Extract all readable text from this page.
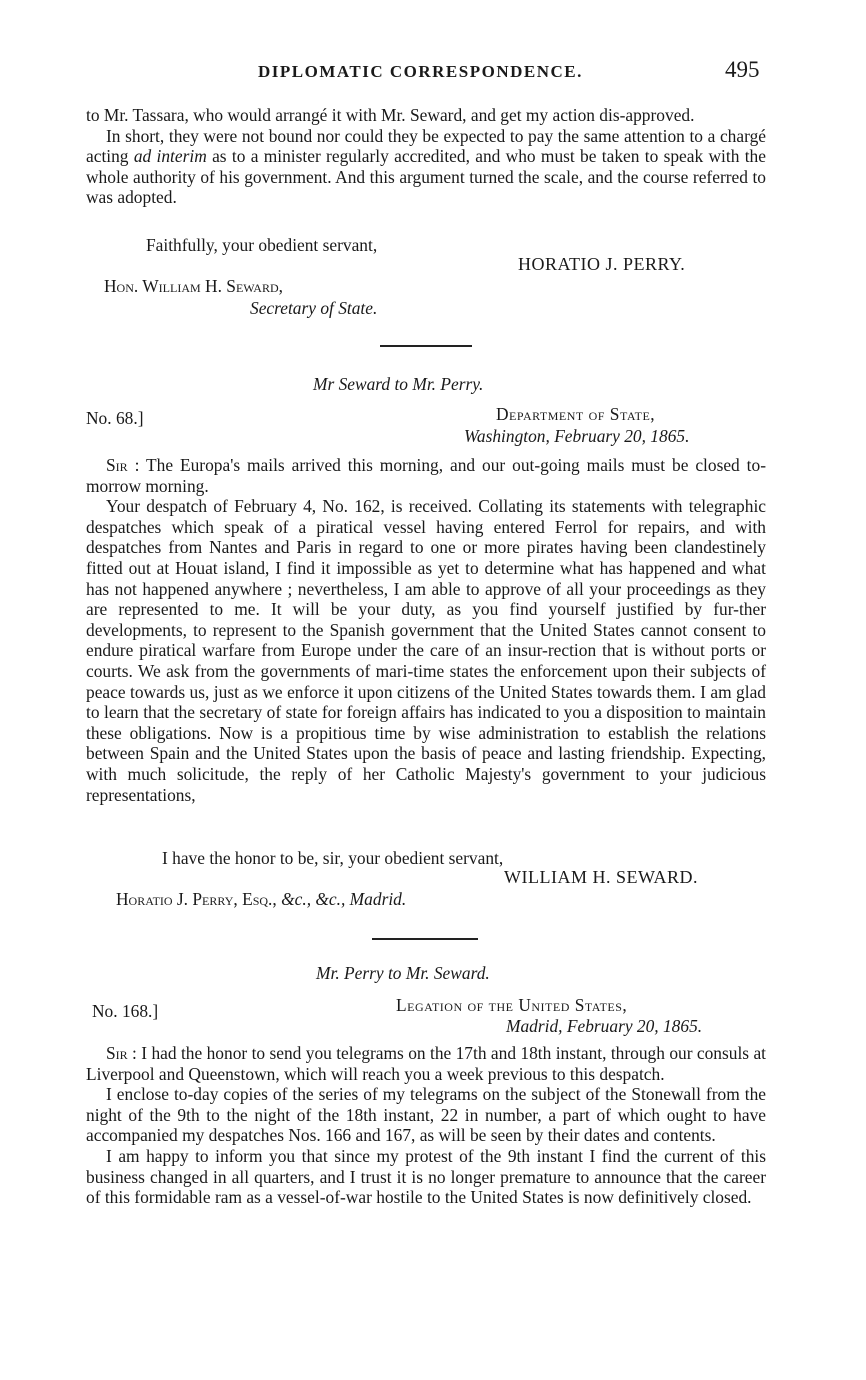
DIPLOMATIC CORRESPONDENCE.	495

to Mr. Tassara, who would arrangé it with Mr. Seward, and get my action dis-approved.

In short, they were not bound nor could they be expected to pay the same attention to a chargé acting ad interim as to a minister regularly accredited, and who must be taken to speak with the whole authority of his government. And this argument turned the scale, and the course referred to was adopted.

Faithfully, your obedient servant,
HORATIO J. PERRY.
Hon. William H. Seward,
Secretary of State.
Mr Seward to Mr. Perry.
No. 68.]	Department of State,
Washington, February 20, 1865.

Sir : The Europa's mails arrived this morning, and our out-going mails must be closed to-morrow morning.

Your despatch of February 4, No. 162, is received. Collating its statements with telegraphic despatches which speak of a piratical vessel having entered Ferrol for repairs, and with despatches from Nantes and Paris in regard to one or more pirates having been clandestinely fitted out at Houat island, I find it impossible as yet to determine what has happened and what has not happened anywhere ; nevertheless, I am able to approve of all your proceedings as they are represented to me. It will be your duty, as you find yourself justified by fur-ther developments, to represent to the Spanish government that the United States cannot consent to endure piratical warfare from Europe under the care of an insur-rection that is without ports or courts. We ask from the governments of mari-time states the enforcement upon their subjects of peace towards us, just as we enforce it upon citizens of the United States towards them. I am glad to learn that the secretary of state for foreign affairs has indicated to you a disposition to maintain these obligations. Now is a propitious time by wise administration to establish the relations between Spain and the United States upon the basis of peace and lasting friendship. Expecting, with much solicitude, the reply of her Catholic Majesty's government to your judicious representations,

I have the honor to be, sir, your obedient servant,
WILLIAM H. SEWARD.
Horatio J. Perry, Esq., &c., &c., Madrid.
Mr. Perry to Mr. Seward.
No. 168.]	Legation of the United States,
Madrid, February 20, 1865.

Sir : I had the honor to send you telegrams on the 17th and 18th instant, through our consuls at Liverpool and Queenstown, which will reach you a week previous to this despatch.

I enclose to-day copies of the series of my telegrams on the subject of the Stonewall from the night of the 9th to the night of the 18th instant, 22 in number, a part of which ought to have accompanied my despatches Nos. 166 and 167, as will be seen by their dates and contents.

I am happy to inform you that since my protest of the 9th instant I find the current of this business changed in all quarters, and I trust it is no longer premature to announce that the career of this formidable ram as a vessel-of-war hostile to the United States is now definitively closed.
